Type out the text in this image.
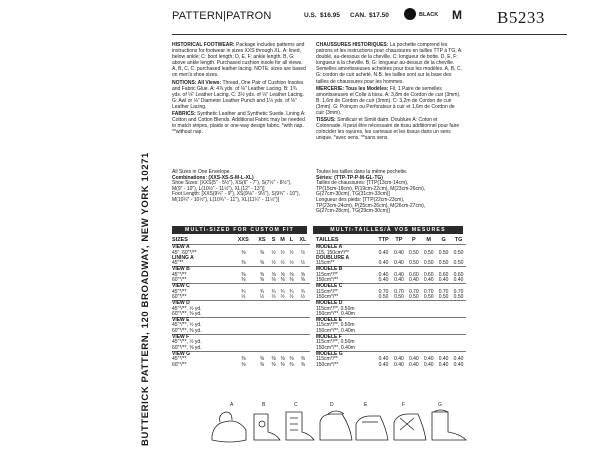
BUTTERICK PATTERN, 120 BROADWAY, NEW YORK 10271
PATTERN|PATRON	U.S. $16.95 CAN. $17.50	BLACK M B5233

HISTORICAL FOOTWEAR: Package includes patterns and instructions for footwear in sizes XXS through XL. A: lined, below ankle; C: boot length; D, E, F: ankle length. B, G: above ankle length. Purchased cushion insole for all views. A, B, C, C: purchased leather lacing. NOTE: sizes are based on men's shoe sizes.

NOTIONS: All Views: Thread, One Pair of Cushion Insoles and Fabric Glue. A: 4⅞ yds. of ⅛" Leather Lacing. B: 1¾ yds. of ⅛" Leather Lacing. C: 3½ yds. of ⅛" Leather Lacing. G: Awl or ⅛" Diameter Leather Punch and 1½ yds. of ⅛" Leather Lacing.

FABRICS: Synthetic Leather and Synthetic Suede. Lining A: Cotton and Cotton Blends. Additional Fabric may be needed to match stripes, plaids or one-way design fabric. *with nap. **without nap.

CHAUSSURES HISTORIQUES: La pochette comprend les patrons et les instructions pour chaussures en tailles TTP à TG. A: doublé, au-dessous de la cheville. C: longueur de botte. D, E, F: longueur à la cheville. B, G: longueur au-dessus de la cheville. Semelles amortisseuses achetées pour tous les modèles. A, B, C, G: cordon de cuir acheté. N.B. les tailles sont sur la base des tailles de chaussures pour les hommes.

MERCERIE: Tous les Modèles: Fil, 1 Paire de semelles amortisseuses et Colle à tissu. A: 3,8m de Cordon de cuir (3mm). B: 1,6m de Cordon de cuir (3mm). C: 3,2m de Cordon de cuir (3mm). G: Poinçon ou Perforateur à cuir et 1,6m de Cordon de cuir (3mm).

TISSUS: Similicuir et Simili daim. Doublure A: Coton et Cotonnade. Il peut être nécessaire de tissu additionnel pour faire coïncider les rayures, les carreaux et les tissus dans un sens unique. *avec sens. **sans sens.

All Sizes in One Envelope.
Combinations: (XXS-XS-S-M-L-XL)
Shoe Sizes: [XXS(5" - 5½"), XS(6" - 7"), S(7½" - 8½"),
M(9" - 10"), L(10½" - 11½"), XL(12" - 13")]
Foot Length: [XXS(9¼" - 9"), XS(9⅛" - 9½"), S(9¾" - 10"),
M(10¼" - 10½"), L(10¾" - 11"), XL(11¼" - 11½")]
Toutes les tailles dans la même pochette.
Séries: (TTP-TP-P-M-GL-TG)
Tailles de chaussures: [TTP(13cm-14cm),
TP(15cm-18cm), P(19cm-22cm), M(23cm-26cm),
G(27cm-30cm), TG(31cm-33cm)]
Longueur des pieds: [TTP(22cm-23cm),
TP(23cm-24cm), P(25cm-26cm), M(26cm-27cm),
G(27cm-28cm), TG(29cm-30cm)]
MULTI-SIZED FOR CUSTOM FIT	MULTI-TAILLES/À VOS MESURES
SIZES	XXS	XS	S	M	L	XL
VIEW A						
45", 60"*/**	⅜	⅜	½	½	½	½
LINING A						
45"**	⅜	⅜	½	½	½	½
VIEW B						
45"*/**	⅜	⅜	⅝	⅝	⅝	⅝
60"*/**	⅜	⅜	⅜	⅜	⅜	⅜
VIEW C						
45"*/**	¾	¾	¾	¾	¾	¾
60"*/**	½	½	½	½	½	½
VIEW D						
45"*/**, ½ yd.						
60"*/**, ⅜ yd.						
VIEW E						
45"*/**, ½ yd.						
60"*/**, ⅜ yd.						
VIEW F						
45"*/**, ½ yd.						
60"*/**, ⅜ yd.						
VIEW G						
45"*/**	⅜	⅜	⅜	⅜	⅜	⅜
60"*/**	⅜	⅜	⅜	⅜	⅜	⅜
TAILLES	TTP	TP	P	M	G	TG
MODELE A						
115, 150cm*/**	0.40	0.40	0.50	0.50	0.50	0.50
DOUBLURE A						
115cm**	0.40	0.40	0.50	0.50	0.50	0.50
MODELE B						
115cm*/**	0.40	0.40	0.60	0.60	0.60	0.60
150cm*/**	0.40	0.40	0.40	0.40	0.40	0.40
MODELE C						
115cm*/**	0.70	0.70	0.70	0.70	0.70	0.70
150cm*/**	0.50	0.50	0.50	0.50	0.50	0.50
MODELE D						
115cm*/**, 0.50m						
150cm*/**, 0.40m						
MODELE E						
115cm*/**, 0.50m						
150cm*/**, 0.40m						
MODELE F						
115cm*/**, 0.50m						
150cm*/**, 0.40m						
MODELE G						
115cm*/**	0.40	0.40	0.40	0.40	0.40	0.40
150cm*/**	0.40	0.40	0.40	0.40	0.40	0.40
A	B	C	D	E	F	G
